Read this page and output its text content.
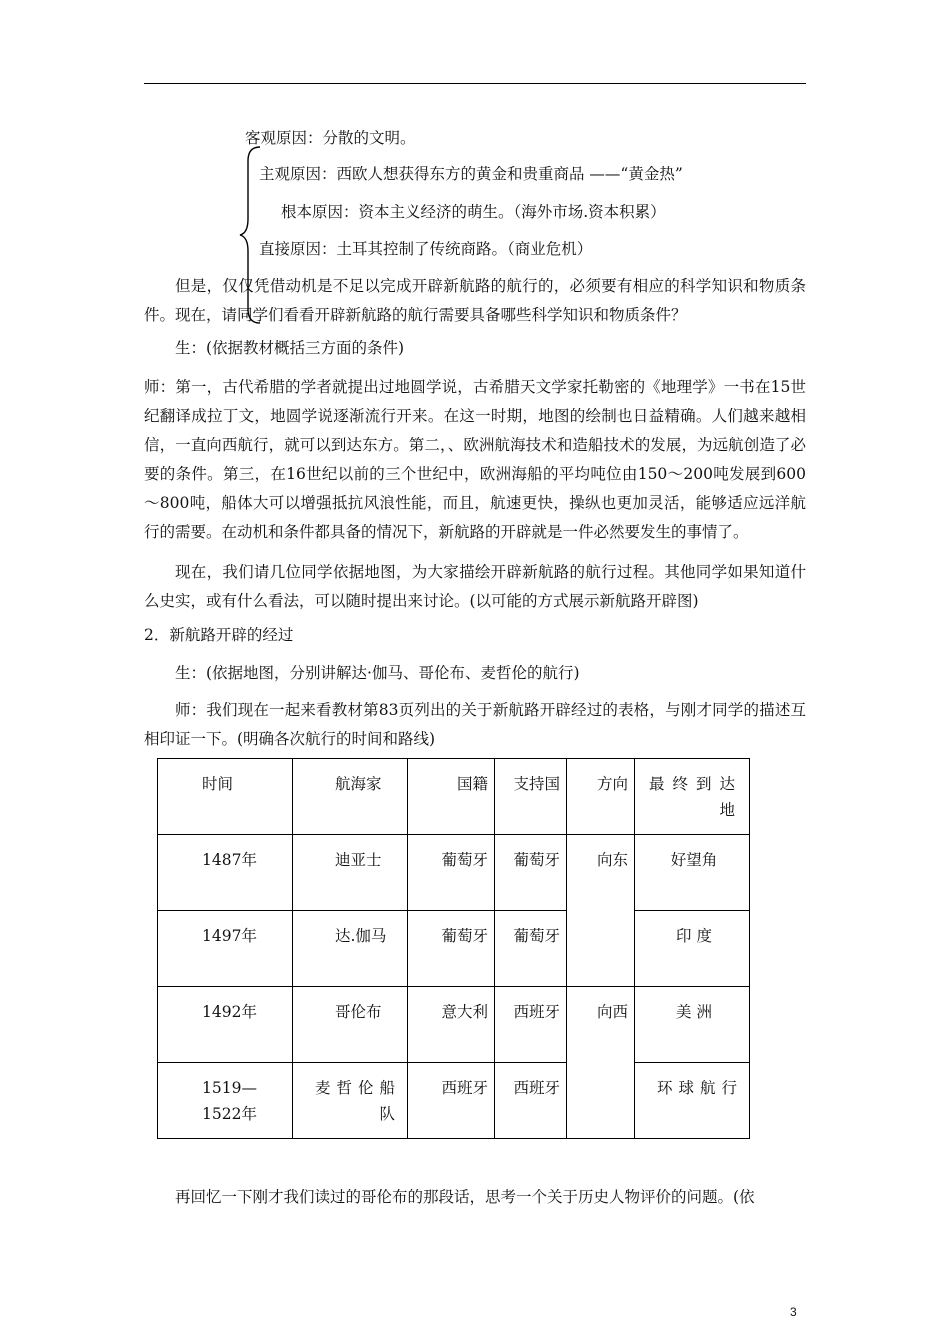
客观原因：分散的文明。
主观原因：西欧人想获得东方的黄金和贵重商品 ——“黄金热”
根本原因：资本主义经济的萌生。（海外市场.资本积累）
直接原因：土耳其控制了传统商路。（商业危机）
但是，仅仅凭借动机是不足以完成开辟新航路的航行的，必须要有相应的科学知识和物质条件。现在，请同学们看看开辟新航路的航行需要具备哪些科学知识和物质条件？
生：(依据教材概括三方面的条件)
师：第一，古代希腊的学者就提出过地圆学说，古希腊天文学家托勒密的《地理学》一书在15世纪翻译成拉丁文，地圆学说逐渐流行开来。在这一时期，地图的绘制也日益精确。人们越来越相信，一直向西航行，就可以到达东方。第二，、欧洲航海技术和造船技术的发展，为远航创造了必要的条件。第三，在16世纪以前的三个世纪中，欧洲海船的平均吨位由150～200吨发展到600～800吨，船体大可以增强抵抗风浪性能，而且，航速更快，操纵也更加灵活，能够适应远洋航行的需要。在动机和条件都具备的情况下，新航路的开辟就是一件必然要发生的事情了。
现在，我们请几位同学依据地图，为大家描绘开辟新航路的航行过程。其他同学如果知道什么史实，或有什么看法，可以随时提出来讨论。(以可能的方式展示新航路开辟图)
2．新航路开辟的经过
生：(依据地图，分别讲解达·伽马、哥伦布、麦哲伦的航行)
师：我们现在一起来看教材第83页列出的关于新航路开辟经过的表格，与刚才同学的描述互相印证一下。(明确各次航行的时间和路线)
时间	航海家	国籍	支持国	方向	最终到达地
1487年	迪亚士	葡萄牙	葡萄牙	向东	好望角
1497年	达.伽马	葡萄牙	葡萄牙		印 度
1492年	哥伦布	意大利	西班牙	向西	美 洲
1519—1522年	麦哲伦船队	西班牙	西班牙		环球航行
再回忆一下刚才我们读过的哥伦布的那段话，思考一个关于历史人物评价的问题。(依
3
